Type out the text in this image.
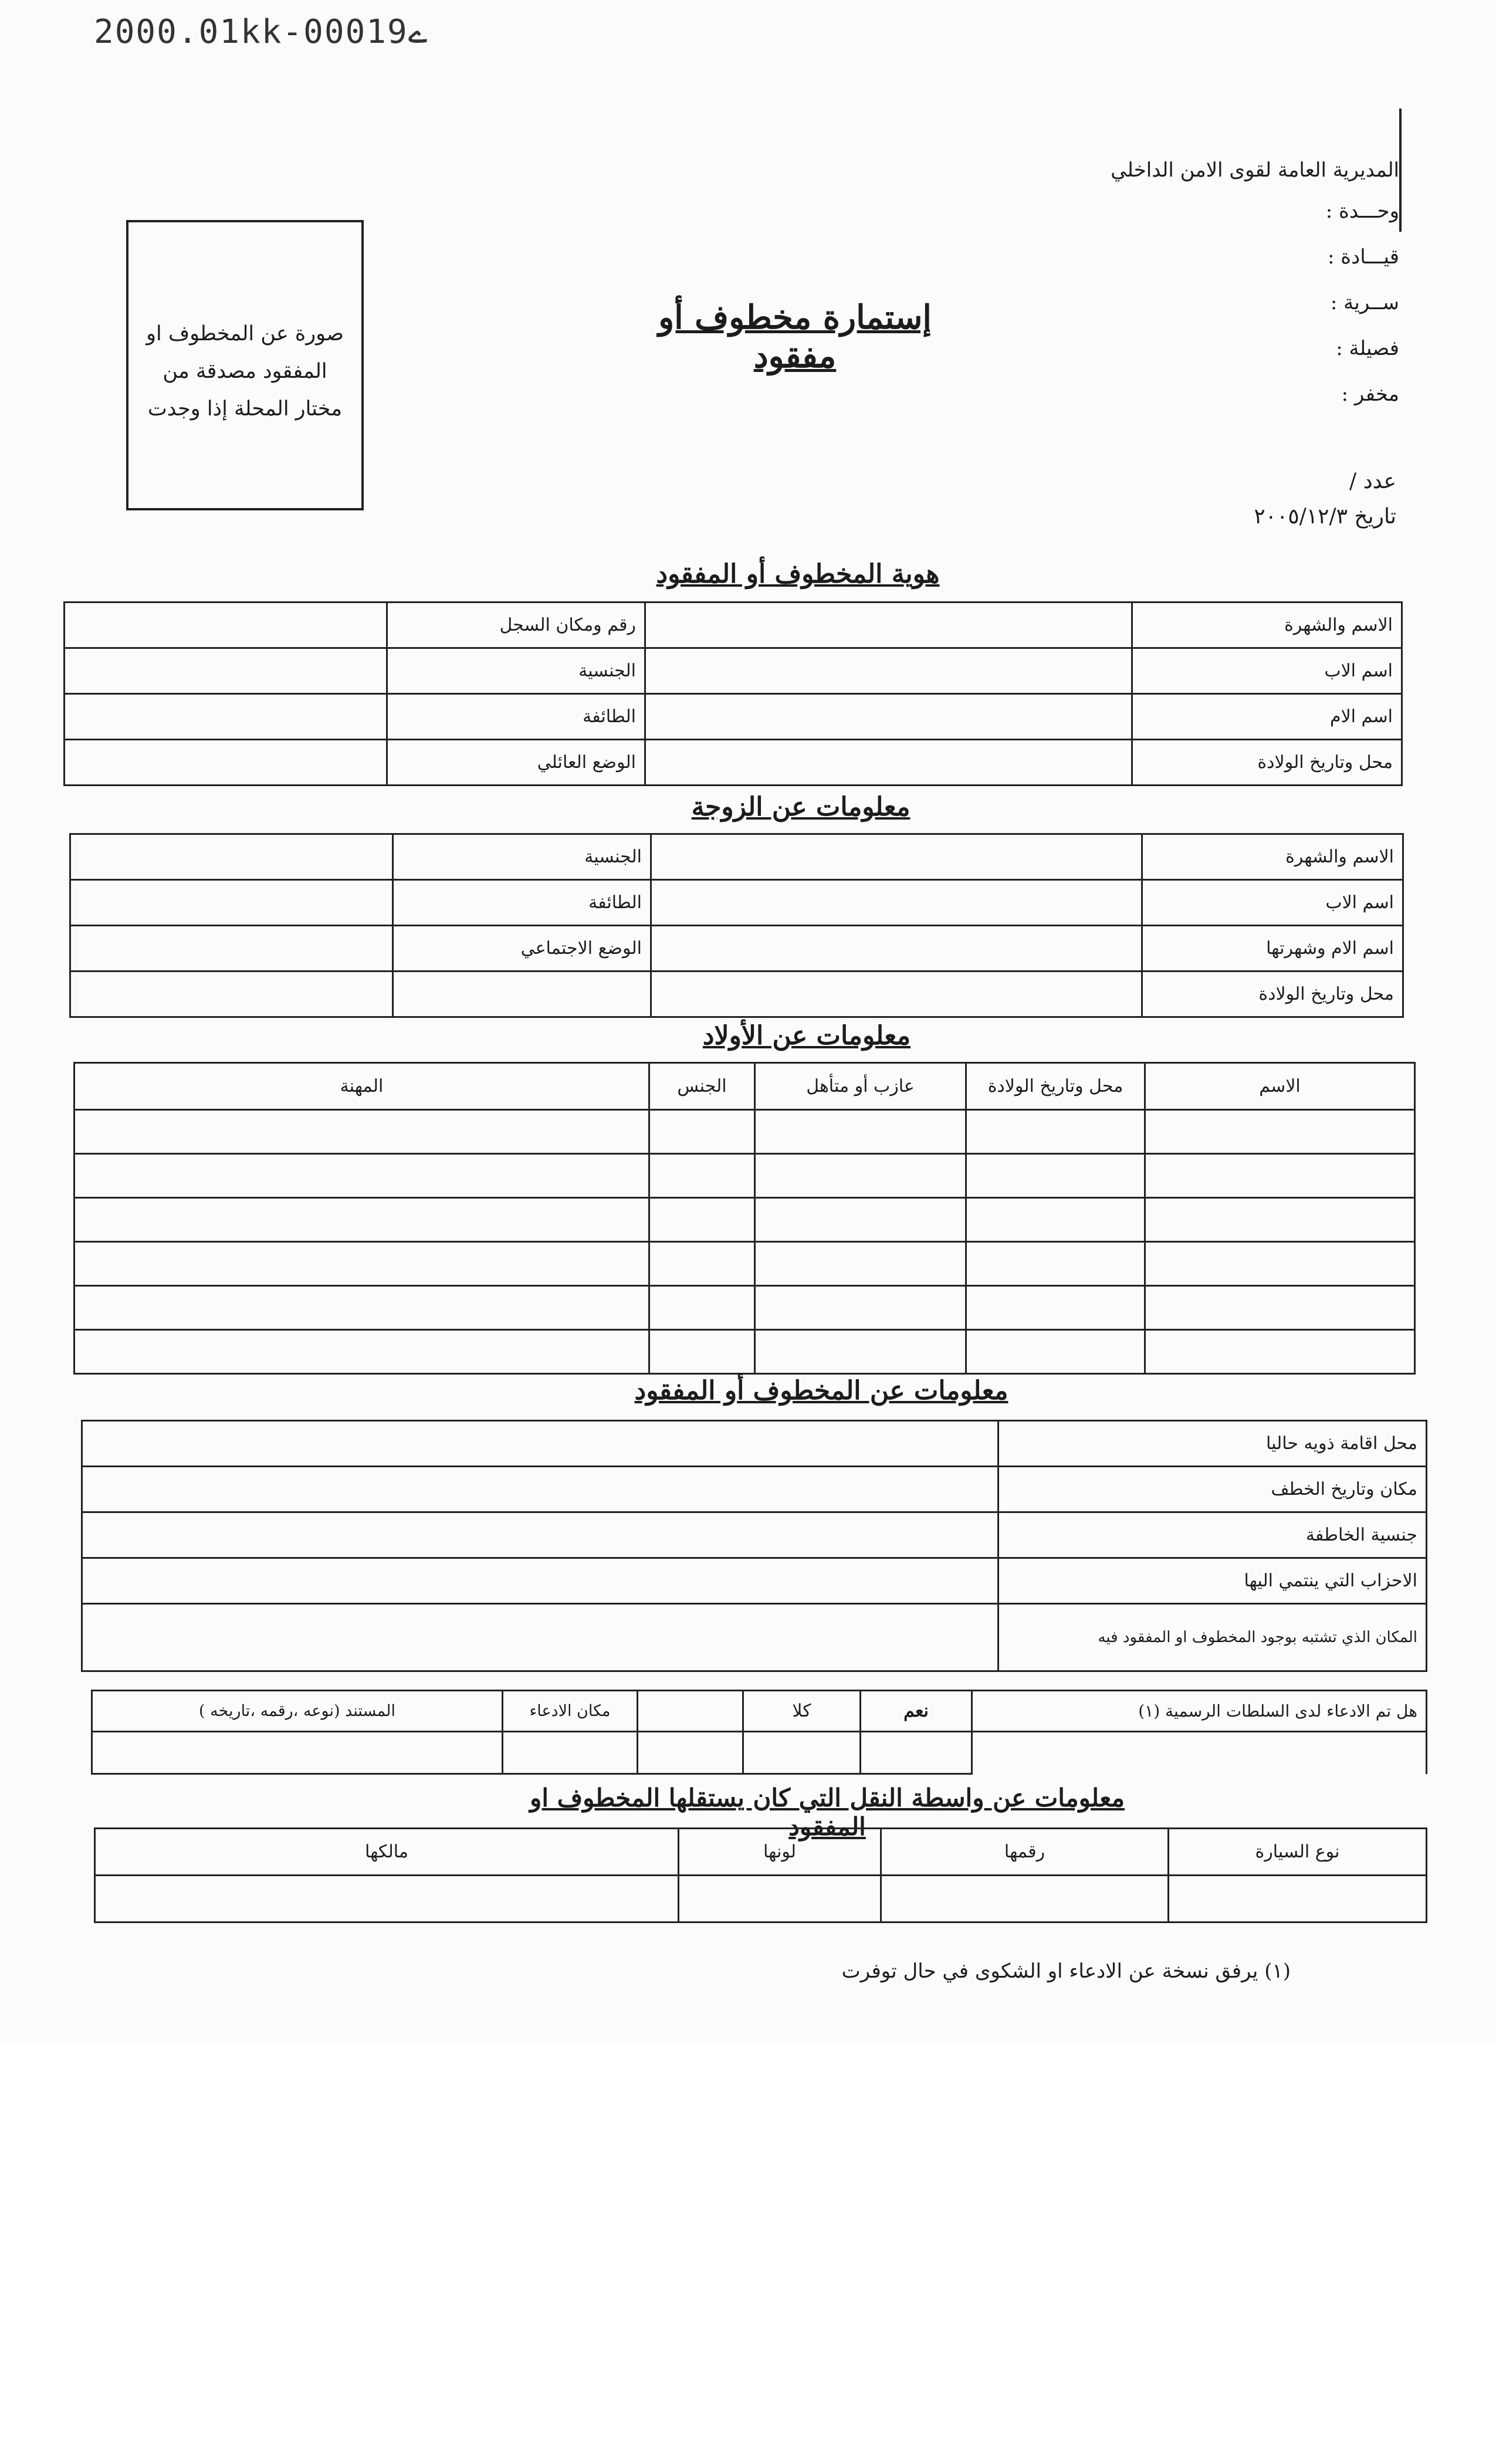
2000.01kk-00019ے
صورة عن المخطوف او المفقود مصدقة من مختار المحلة إذا وجدت
المديرية العامة لقوى الامن الداخلي
وحـــدة :
قيـــادة :
ســرية :
فصيلة :
مخفر :
إستمارة مخطوف أو مفقود
عدد /
تاريخ ٢٠٠٥/١٢/٣
هوية المخطوف أو المفقود
الاسم والشهرة		رقم ومكان السجل	
اسم الاب		الجنسية	
اسم الام		الطائفة	
محل وتاريخ الولادة		الوضع العائلي	
معلومات عن الزوجة
الاسم والشهرة		الجنسية	
اسم الاب		الطائفة	
اسم الام وشهرتها		الوضع الاجتماعي	
محل وتاريخ الولادة			
معلومات عن الأولاد
الاسم	محل وتاريخ الولادة	عازب أو متأهل	الجنس	المهنة

معلومات عن المخطوف أو المفقود
محل اقامة ذويه حاليا	
مكان وتاريخ الخطف	
جنسية الخاطفة	
الاحزاب التي ينتمي اليها	
المكان الذي تشتبه بوجود المخطوف او المفقود فيه	
هل تم الادعاء لدى السلطات الرسمية (١)	نعم	كلا		مكان الادعاء	المستند (نوعه ،رقمه ،تاريخه )

معلومات عن واسطة النقل التي كان يستقلها المخطوف او المفقود
نوع السيارة	رقمها	لونها	مالكها

(١) يرفق نسخة عن الادعاء او الشكوى في حال توفرت
